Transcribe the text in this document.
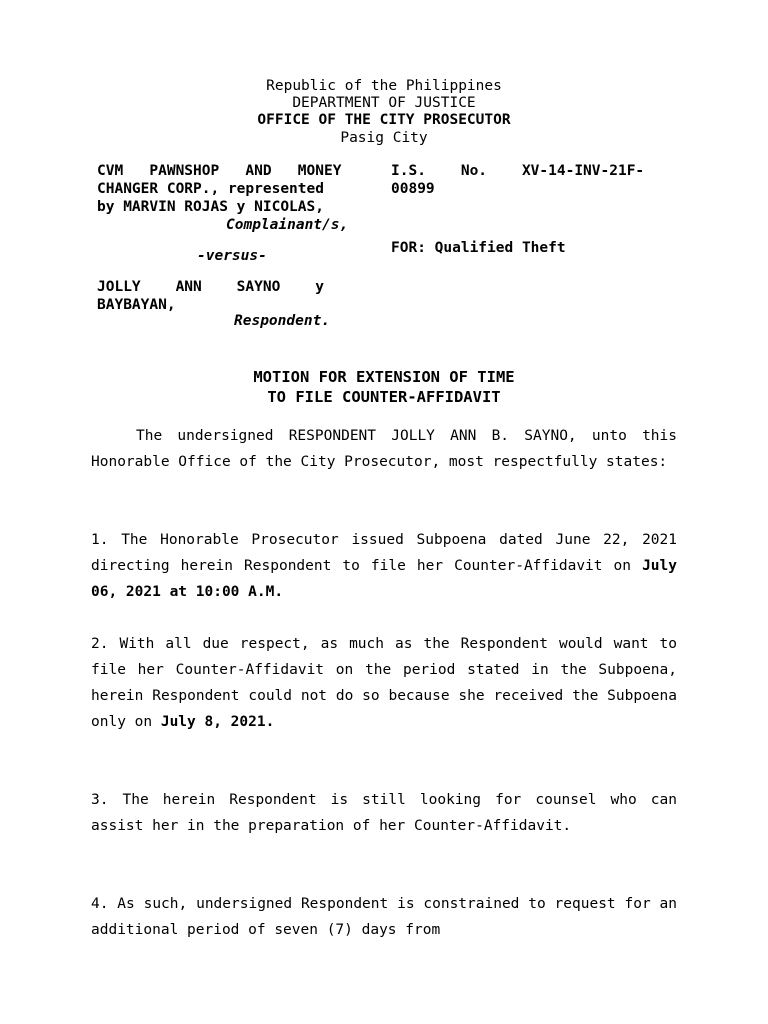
Republic of the Philippines
DEPARTMENT OF JUSTICE
OFFICE OF THE CITY PROSECUTOR
Pasig City
CVM   PAWNSHOP   AND   MONEY
CHANGER CORP., represented
by MARVIN ROJAS y NICOLAS,
Complainant/s,
I.S.    No.    XV-14-INV-21F-
00899
FOR: Qualified Theft
-versus-
JOLLY    ANN    SAYNO    y
BAYBAYAN,
Respondent.
MOTION FOR EXTENSION OF TIME
TO FILE COUNTER-AFFIDAVIT
The undersigned RESPONDENT JOLLY ANN B. SAYNO, unto this Honorable Office of the City Prosecutor, most respectfully states:
1. The Honorable Prosecutor issued Subpoena dated June 22, 2021 directing herein Respondent to file her Counter-Affidavit on July 06, 2021 at 10:00 A.M.
2. With all due respect, as much as the Respondent would want to file her Counter-Affidavit on the period stated in the Subpoena, herein Respondent could not do so because she received the Subpoena only on July 8, 2021.
3. The herein Respondent is still looking for counsel who can assist her in the preparation of her Counter-Affidavit.
4. As such, undersigned Respondent is constrained to request for an additional period of seven (7) days from
